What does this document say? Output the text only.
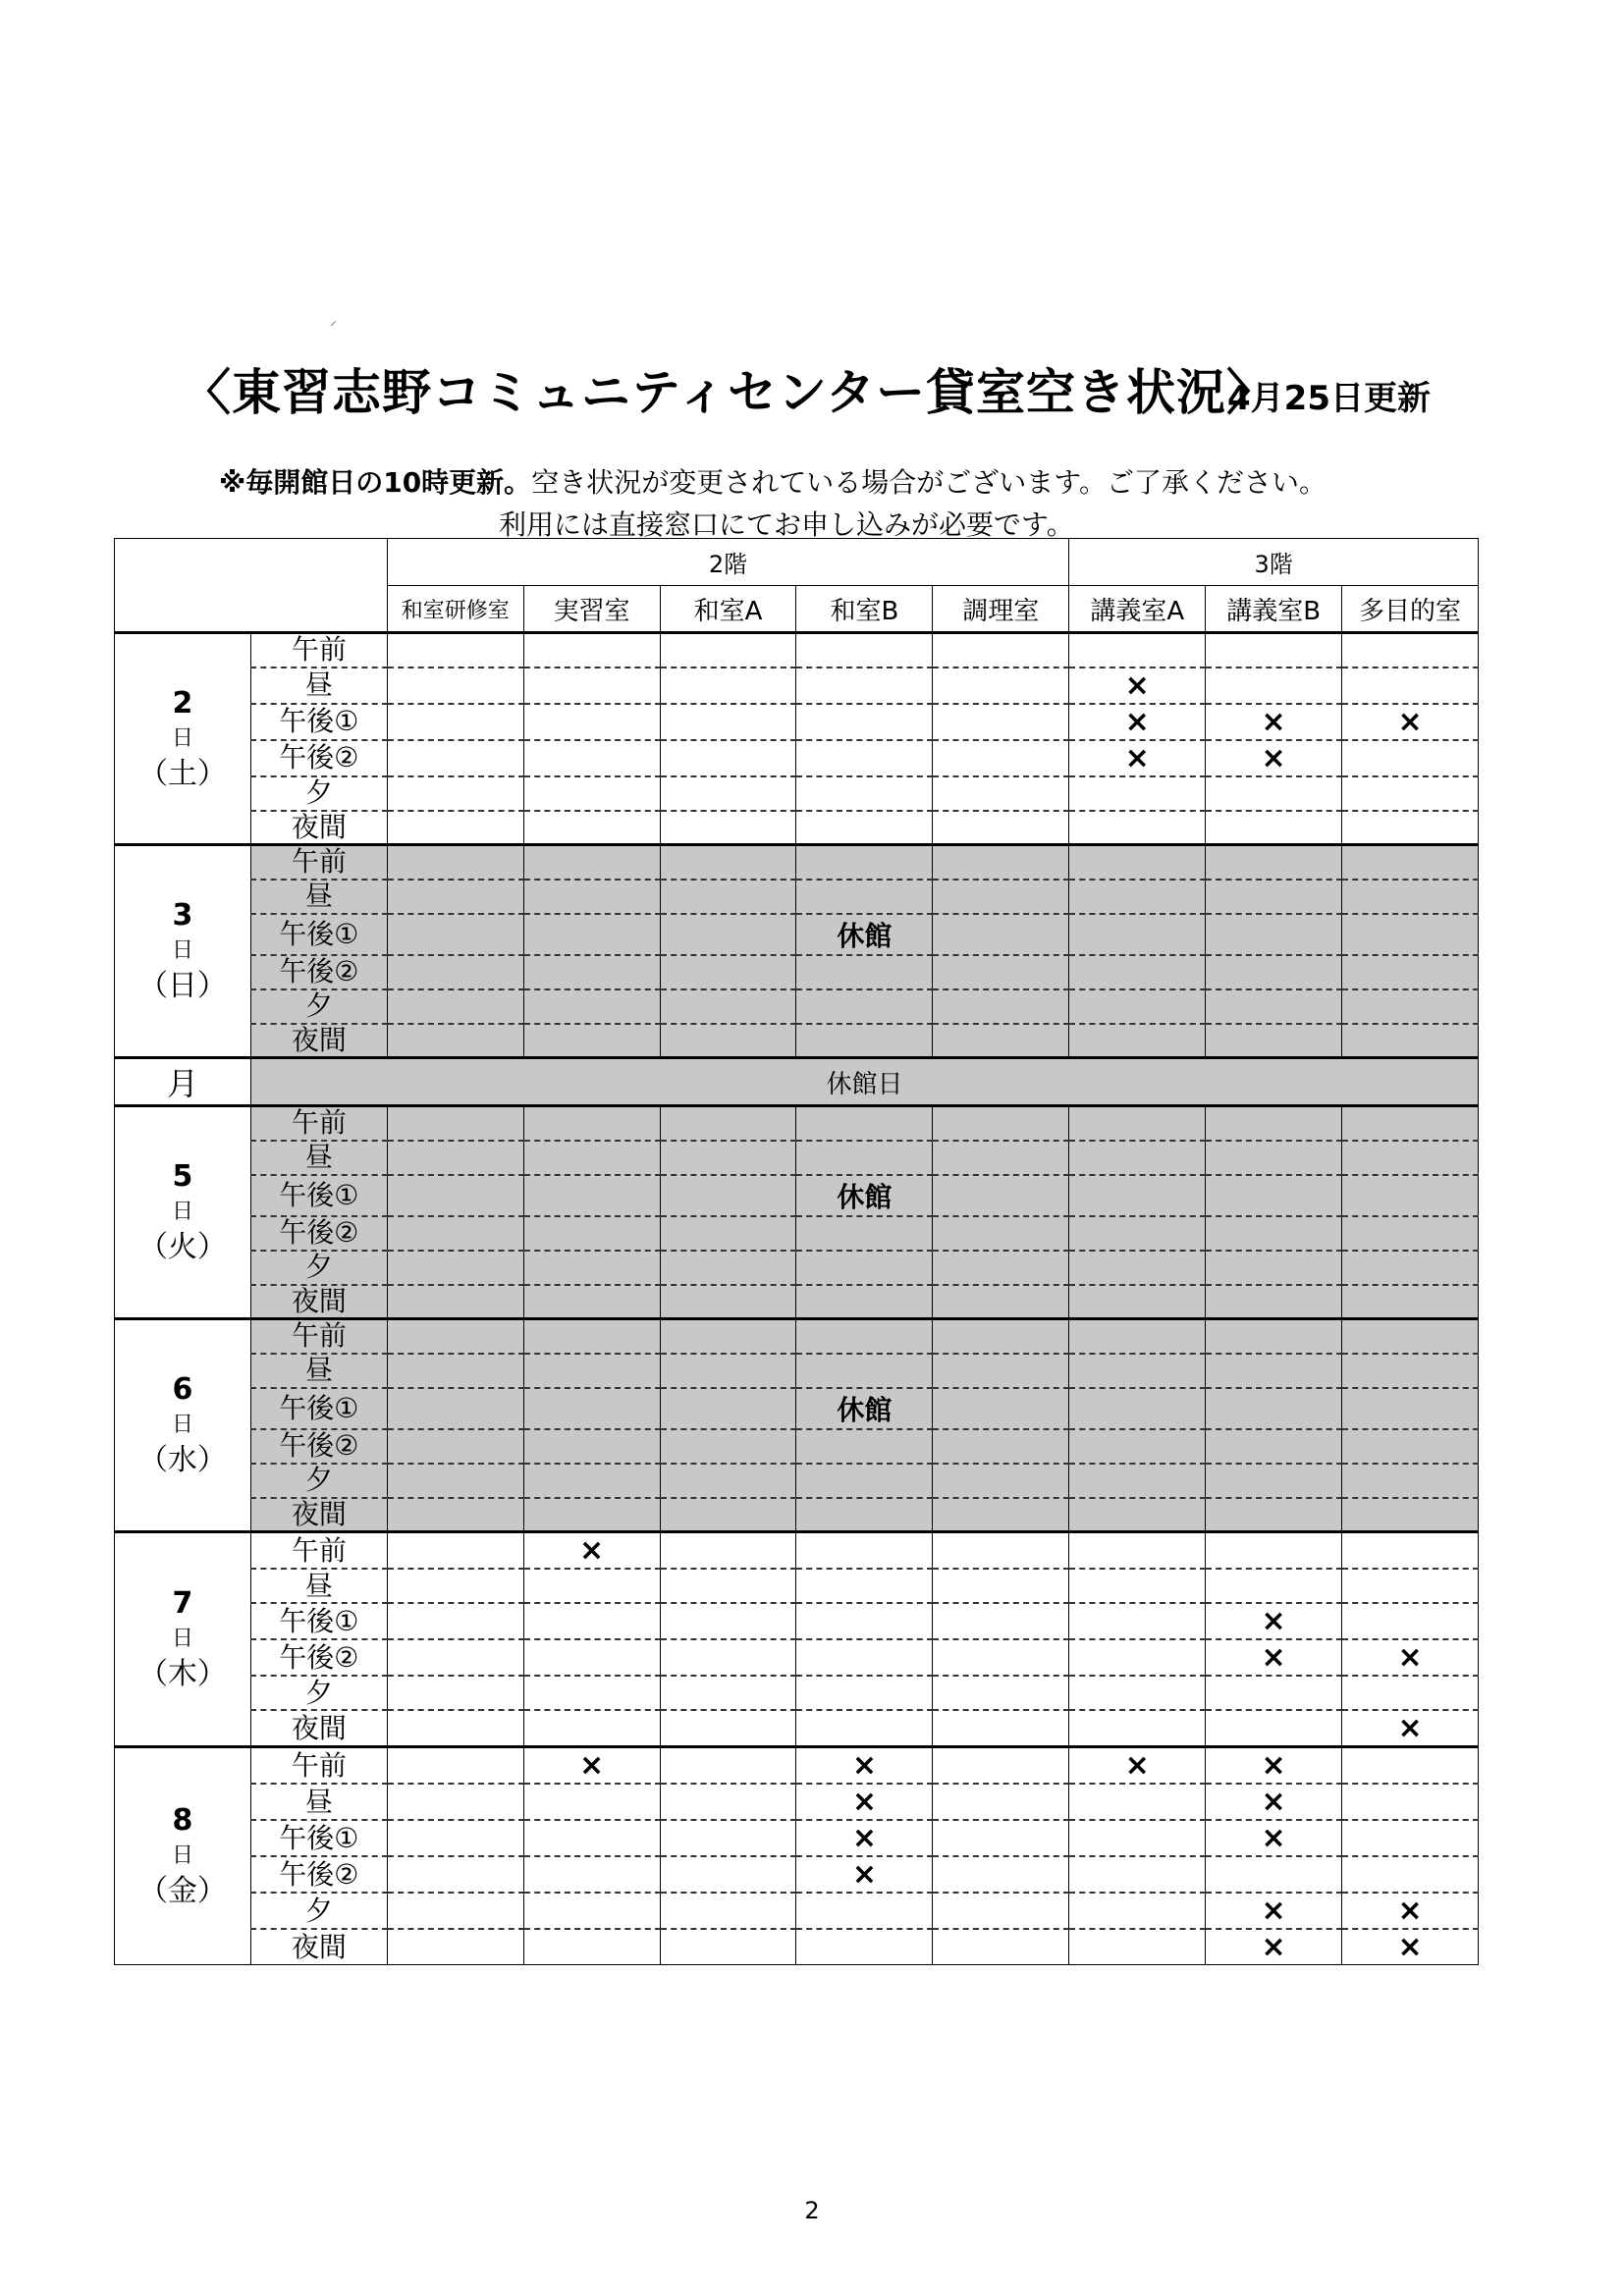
⸍
〈東習志野コミュニティセンター貸室空き状況〉
4月25日更新
※毎開館日の10時更新。空き状況が変更されている場合がございます。ご了承ください。
利用には直接窓口にてお申し込みが必要です。
		2階					3階		
		和室研修室	実習室	和室A	和室B	調理室	講義室A	講義室B	多目的室

2
日
（土）	午前								
	昼						×		
	午後①						×	×	×
	午後②						×	×	
	夕								
	夜間								

3
日
（日）	午前								
	昼								
	午後①				休館				
	午後②								
	夕								
	夜間								
月	休館日								

5
日
（火）	午前								
	昼								
	午後①				休館				
	午後②								
	夕								
	夜間								

6
日
（水）	午前								
	昼								
	午後①				休館				
	午後②								
	夕								
	夜間								

7
日
（木）	午前		×						
	昼								
	午後①							×	
	午後②							×	×
	夕								
	夜間								×

8
日
（金）	午前		×		×		×	×	
	昼				×			×	
	午後①				×			×	
	午後②				×				
	夕							×	×
	夜間							×	×
2
